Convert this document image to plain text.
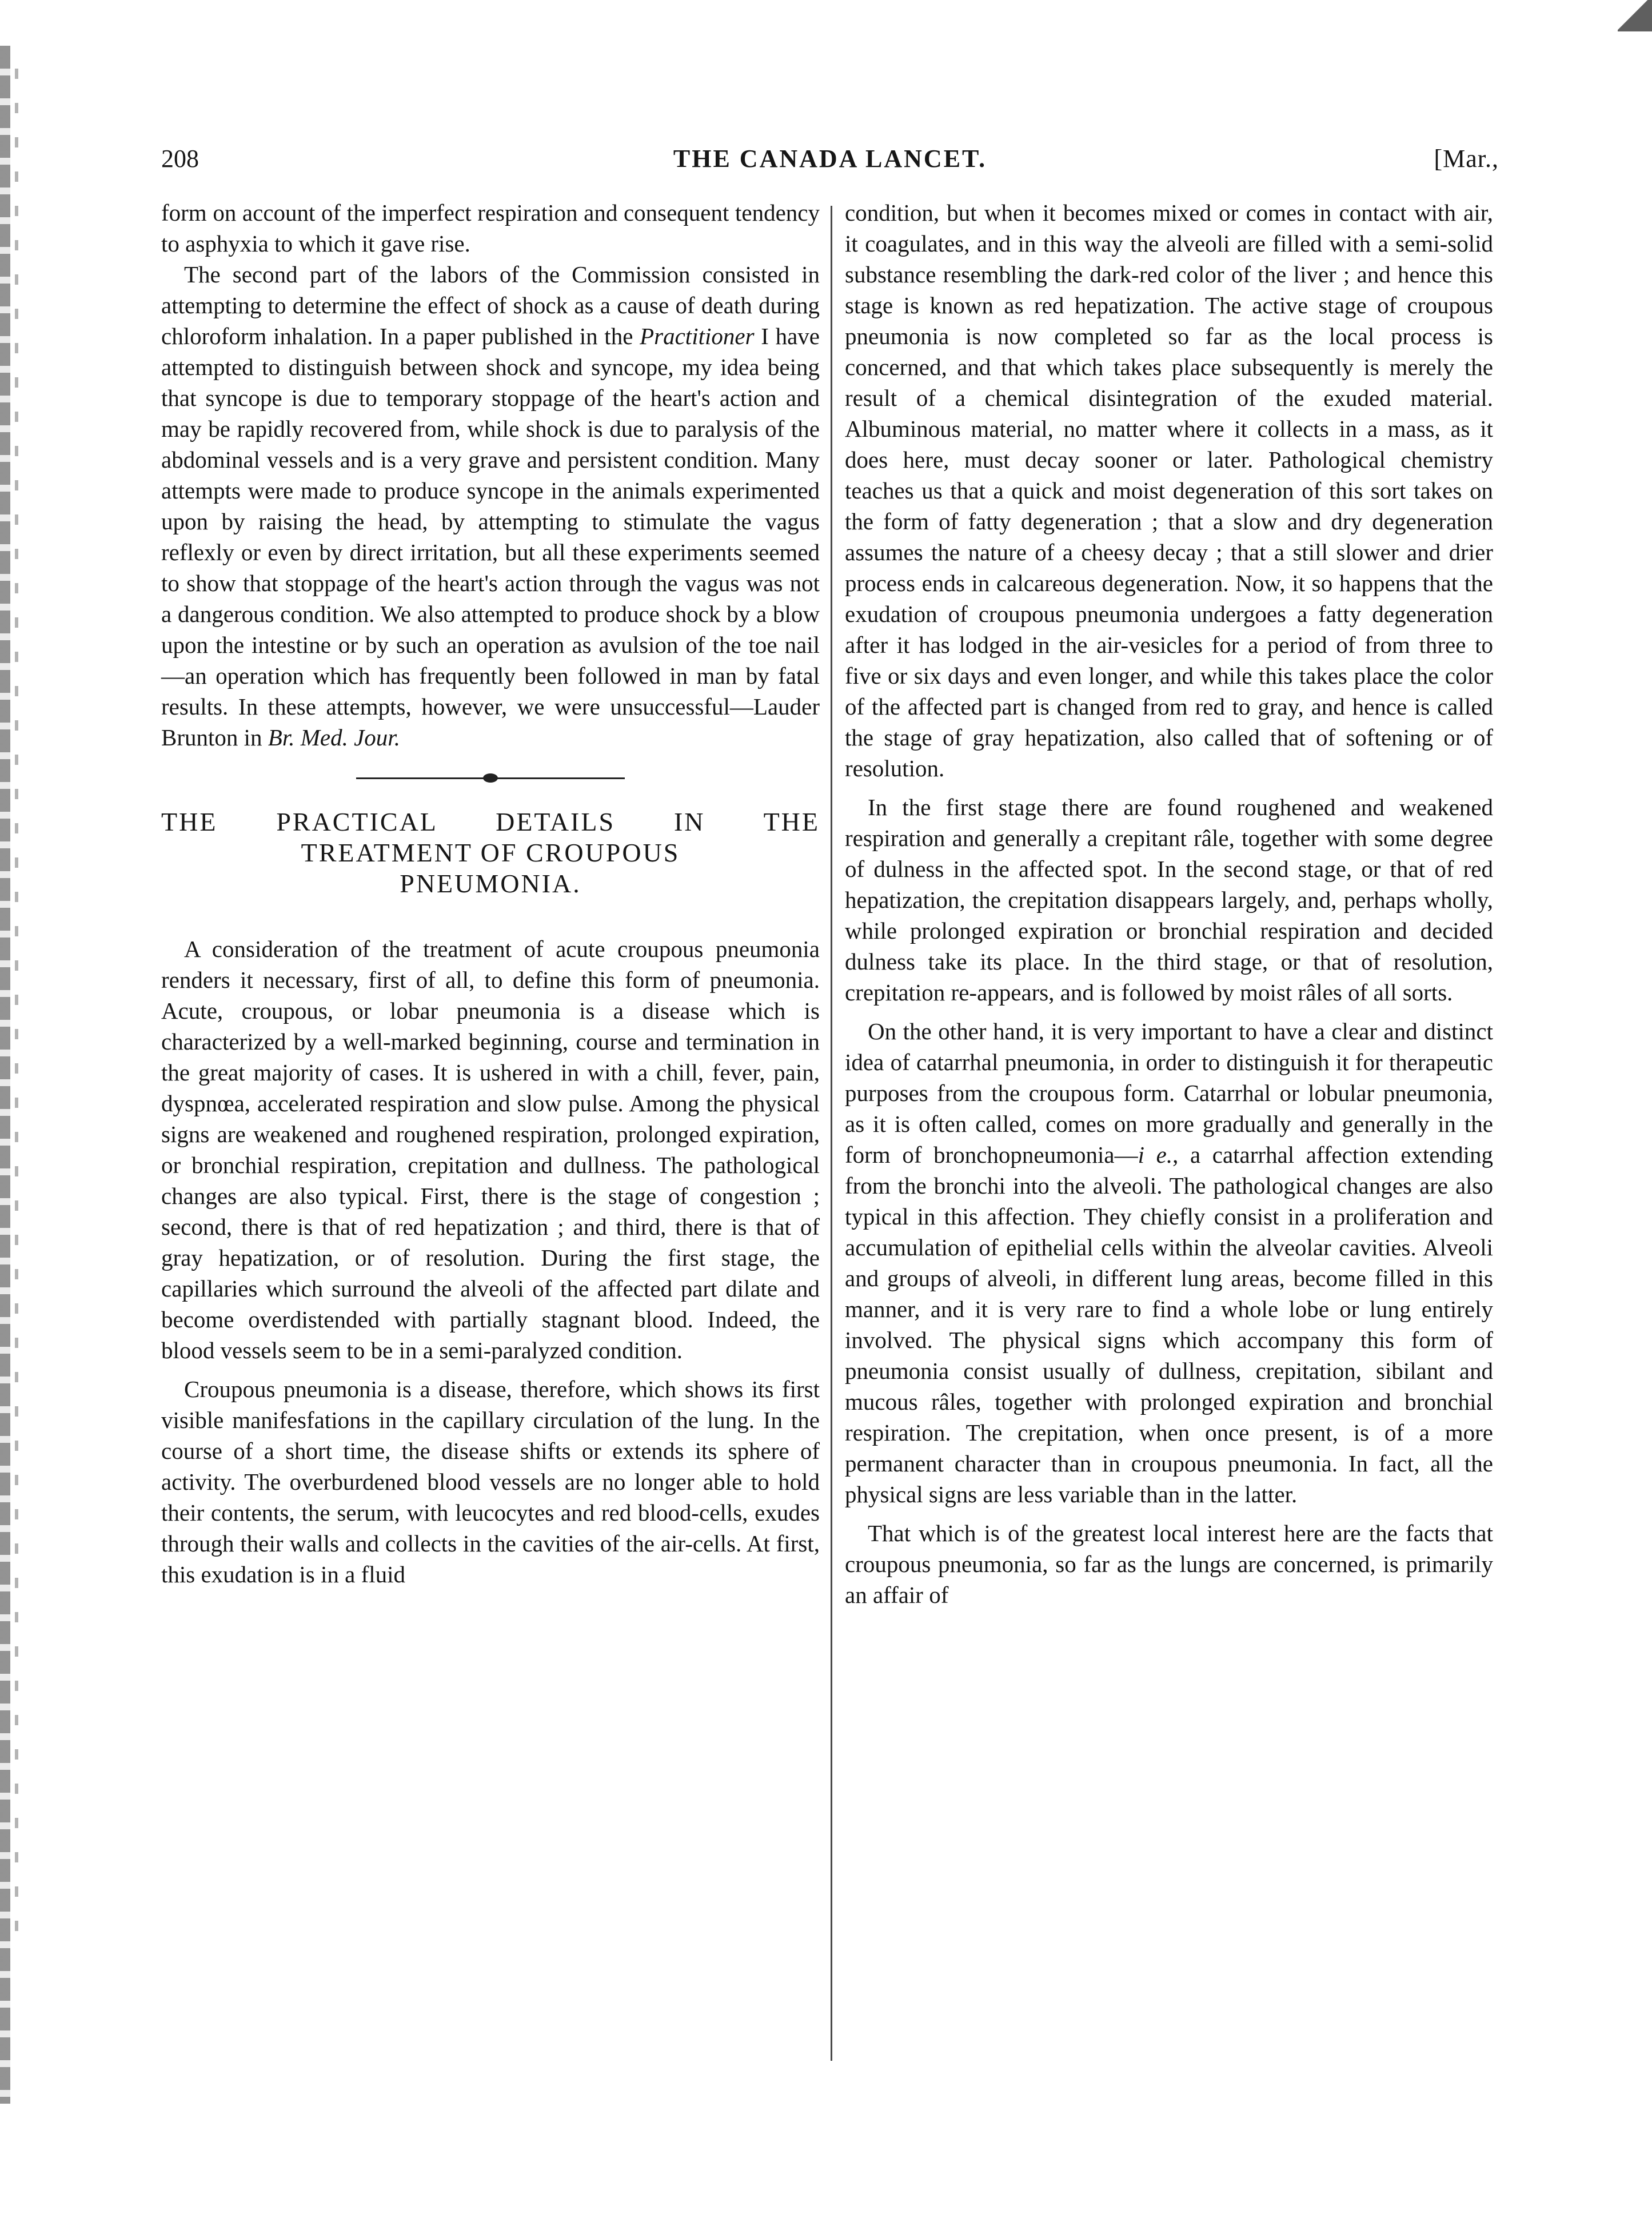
208	THE CANADA LANCET.	[Mar.,

form on account of the imperfect respiration and consequent tendency to asphyxia to which it gave rise.

The second part of the labors of the Commission consisted in attempting to determine the effect of shock as a cause of death during chloroform inhalation. In a paper published in the Practitioner I have attempted to distinguish between shock and syncope, my idea being that syncope is due to temporary stoppage of the heart's action and may be rapidly recovered from, while shock is due to paralysis of the abdominal vessels and is a very grave and persistent condition. Many attempts were made to produce syncope in the animals experimented upon by raising the head, by attempting to stimulate the vagus reflexly or even by direct irritation, but all these experiments seemed to show that stoppage of the heart's action through the vagus was not a dangerous condition. We also attempted to produce shock by a blow upon the intestine or by such an operation as avulsion of the toe nail—an operation which has frequently been followed in man by fatal results. In these attempts, however, we were unsuccessful—Lauder Brunton in Br. Med. Jour.

THE PRACTICAL DETAILS IN THE
TREATMENT OF CROUPOUS
PNEUMONIA.

A consideration of the treatment of acute croupous pneumonia renders it necessary, first of all, to define this form of pneumonia. Acute, croupous, or lobar pneumonia is a disease which is characterized by a well-marked beginning, course and termination in the great majority of cases. It is ushered in with a chill, fever, pain, dyspnœa, accelerated respiration and slow pulse. Among the physical signs are weakened and roughened respiration, prolonged expiration, or bronchial respiration, crepitation and dullness. The pathological changes are also typical. First, there is the stage of congestion ; second, there is that of red hepatization ; and third, there is that of gray hepatization, or of resolution. During the first stage, the capillaries which surround the alveoli of the affected part dilate and become overdistended with partially stagnant blood. Indeed, the blood vessels seem to be in a semi-paralyzed condition.

Croupous pneumonia is a disease, therefore, which shows its first visible manifesfations in the capillary circulation of the lung. In the course of a short time, the disease shifts or extends its sphere of activity. The overburdened blood vessels are no longer able to hold their contents, the serum, with leucocytes and red blood-cells, exudes through their walls and collects in the cavities of the air-cells. At first, this exudation is in a fluid

condition, but when it becomes mixed or comes in contact with air, it coagulates, and in this way the alveoli are filled with a semi-solid substance resembling the dark-red color of the liver ; and hence this stage is known as red hepatization. The active stage of croupous pneumonia is now completed so far as the local process is concerned, and that which takes place subsequently is merely the result of a chemical disintegration of the exuded material. Albuminous material, no matter where it collects in a mass, as it does here, must decay sooner or later. Pathological chemistry teaches us that a quick and moist degeneration of this sort takes on the form of fatty degeneration ; that a slow and dry degeneration assumes the nature of a cheesy decay ; that a still slower and drier process ends in calcareous degeneration. Now, it so happens that the exudation of croupous pneumonia undergoes a fatty degeneration after it has lodged in the air-vesicles for a period of from three to five or six days and even longer, and while this takes place the color of the affected part is changed from red to gray, and hence is called the stage of gray hepatization, also called that of softening or of resolution.

In the first stage there are found roughened and weakened respiration and generally a crepitant râle, together with some degree of dulness in the affected spot. In the second stage, or that of red hepatization, the crepitation disappears largely, and, perhaps wholly, while prolonged expiration or bronchial respiration and decided dulness take its place. In the third stage, or that of resolution, crepitation re-appears, and is followed by moist râles of all sorts.

On the other hand, it is very important to have a clear and distinct idea of catarrhal pneumonia, in order to distinguish it for therapeutic purposes from the croupous form. Catarrhal or lobular pneumonia, as it is often called, comes on more gradually and generally in the form of bronchopneumonia—i e., a catarrhal affection extending from the bronchi into the alveoli. The pathological changes are also typical in this affection. They chiefly consist in a proliferation and accumulation of epithelial cells within the alveolar cavities. Alveoli and groups of alveoli, in different lung areas, become filled in this manner, and it is very rare to find a whole lobe or lung entirely involved. The physical signs which accompany this form of pneumonia consist usually of dullness, crepitation, sibilant and mucous râles, together with prolonged expiration and bronchial respiration. The crepitation, when once present, is of a more permanent character than in croupous pneumonia. In fact, all the physical signs are less variable than in the latter.

That which is of the greatest local interest here are the facts that croupous pneumonia, so far as the lungs are concerned, is primarily an affair of
